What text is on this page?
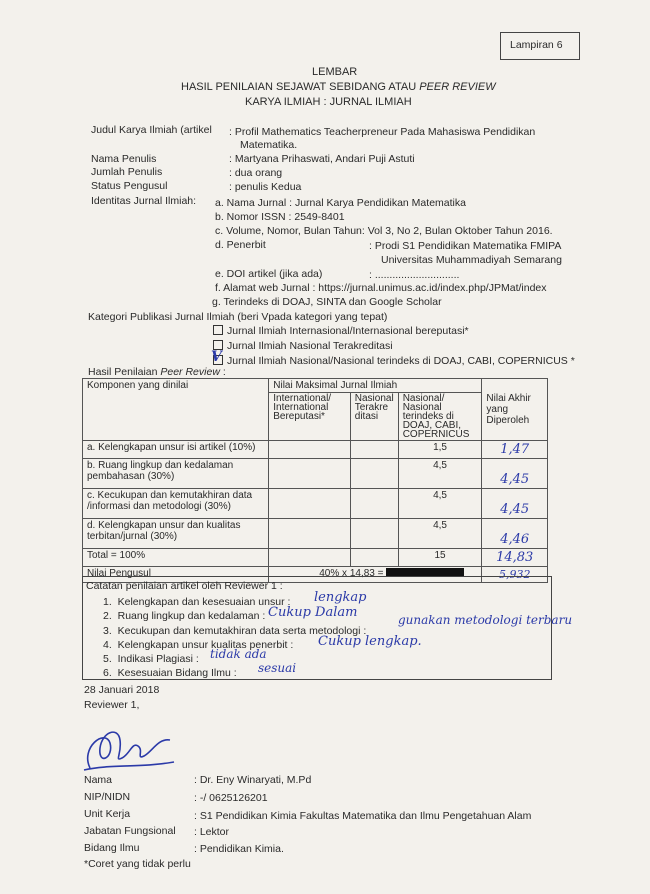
Lampiran 6
LEMBAR
HASIL PENILAIAN SEJAWAT SEBIDANG ATAU PEER REVIEW
KARYA ILMIAH : JURNAL ILMIAH
Judul Karya Ilmiah (artikel : Profil Mathematics Teacherpreneur Pada Mahasiswa Pendidikan
Matematika.
Nama Penulis	: Martyana Prihaswati, Andari Puji Astuti
Jumlah Penulis	: dua orang
Status Pengusul	: penulis Kedua
Identitas Jurnal Ilmiah: a. Nama Jurnal : Jurnal Karya Pendidikan Matematika
b. Nomor ISSN : 2549-8401
c. Volume, Nomor, Bulan Tahun: Vol 3, No 2, Bulan Oktober Tahun 2016.
d. Penerbit	: Prodi S1 Pendidikan Matematika FMIPA
Universitas Muhammadiyah Semarang
e. DOI artikel (jika ada)	: .............................
f. Alamat web Jurnal : https://jurnal.unimus.ac.id/index.php/JPMat/index
g. Terindeks di DOAJ, SINTA dan Google Scholar
Kategori Publikasi Jurnal Ilmiah (beri Vpada kategori yang tepat)
Jurnal Ilmiah Internasional/Internasional bereputasi*
Jurnal Ilmiah Nasional Terakreditasi
Jurnal Ilmiah Nasional/Nasional terindeks di DOAJ, CABI, COPERNICUS *
V
Hasil Penilaian Peer Review :
Komponen yang dinilai	Nilai Maksimal Jurnal Ilmiah			Nilai Akhir yang Diperoleh
	International/ International Bereputasi*	Nasional Terakre ditasi	Nasional/ Nasional terindeks di DOAJ, CABI, COPERNICUS	
a. Kelengkapan unsur isi artikel (10%)			1,5	1,47
b. Ruang lingkup dan kedalaman pembahasan (30%)			4,5	4,45
c. Kecukupan dan kemutakhiran data /informasi dan metodologi (30%)			4,5	4,45
d. Kelengkapan unsur dan kualitas terbitan/jurnal (30%)			4,5	4,46
Total = 100%			15	14,83
Nilai Pengusul	40% x 14,83 =			5,932
Catatan penilaian artikel oleh Reviewer 1 :
1. Kelengkapan dan kesesuaian unsur : lengkap
2. Ruang lingkup dan kedalaman : Cukup Dalam
3. Kecukupan dan kemutakhiran data serta metodologi :
gunakan metodologi terbaru
4. Kelengkapan unsur kualitas penerbit : Cukup lengkap.
5. Indikasi Plagiasi : tidak ada
6. Kesesuaian Bidang Ilmu : sesuai
28 Januari 2018
Reviewer 1,
Nama	: Dr. Eny Winaryati, M.Pd
NIP/NIDN	: -/ 0625126201
Unit Kerja	: S1 Pendidikan Kimia Fakultas Matematika dan Ilmu Pengetahuan Alam
Jabatan Fungsional : Lektor
Bidang Ilmu	: Pendidikan Kimia.
*Coret yang tidak perlu
